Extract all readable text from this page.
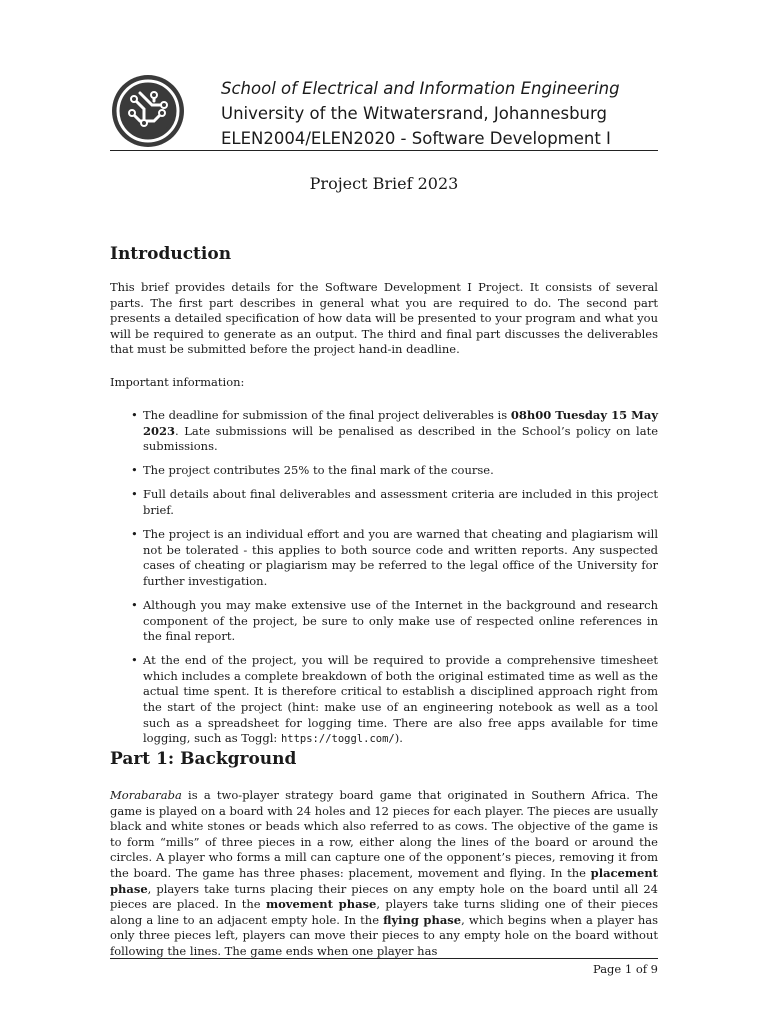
School of Electrical and Information Engineering
University of the Witwatersrand, Johannesburg
ELEN2004/ELEN2020 - Software Development I
Project Brief 2023
Introduction
This brief provides details for the Software Development I Project. It consists of several parts. The first part describes in general what you are required to do. The second part presents a detailed specification of how data will be presented to your program and what you will be required to generate as an output. The third and final part discusses the deliverables that must be submitted before the project hand-in deadline.
Important information:
• The deadline for submission of the final project deliverables is 08h00 Tuesday 15 May 2023. Late submissions will be penalised as described in the School’s policy on late submissions.
• The project contributes 25% to the final mark of the course.
• Full details about final deliverables and assessment criteria are included in this project brief.
• The project is an individual effort and you are warned that cheating and plagiarism will not be tolerated - this applies to both source code and written reports. Any suspected cases of cheating or plagiarism may be referred to the legal office of the University for further investigation.
• Although you may make extensive use of the Internet in the background and research component of the project, be sure to only make use of respected online references in the final report.
• At the end of the project, you will be required to provide a comprehensive timesheet which includes a complete breakdown of both the original estimated time as well as the actual time spent. It is therefore critical to establish a disciplined approach right from the start of the project (hint: make use of an engineering notebook as well as a tool such as a spreadsheet for logging time. There are also free apps available for time logging, such as Toggl: https://toggl.com/).
Part 1: Background
Morabaraba is a two-player strategy board game that originated in Southern Africa. The game is played on a board with 24 holes and 12 pieces for each player. The pieces are usually black and white stones or beads which also referred to as cows. The objective of the game is to form “mills” of three pieces in a row, either along the lines of the board or around the circles. A player who forms a mill can capture one of the opponent’s pieces, removing it from the board. The game has three phases: placement, movement and flying. In the placement phase, players take turns placing their pieces on any empty hole on the board until all 24 pieces are placed. In the movement phase, players take turns sliding one of their pieces along a line to an adjacent empty hole. In the flying phase, which begins when a player has only three pieces left, players can move their pieces to any empty hole on the board without following the lines. The game ends when one player has
Page 1 of 9
